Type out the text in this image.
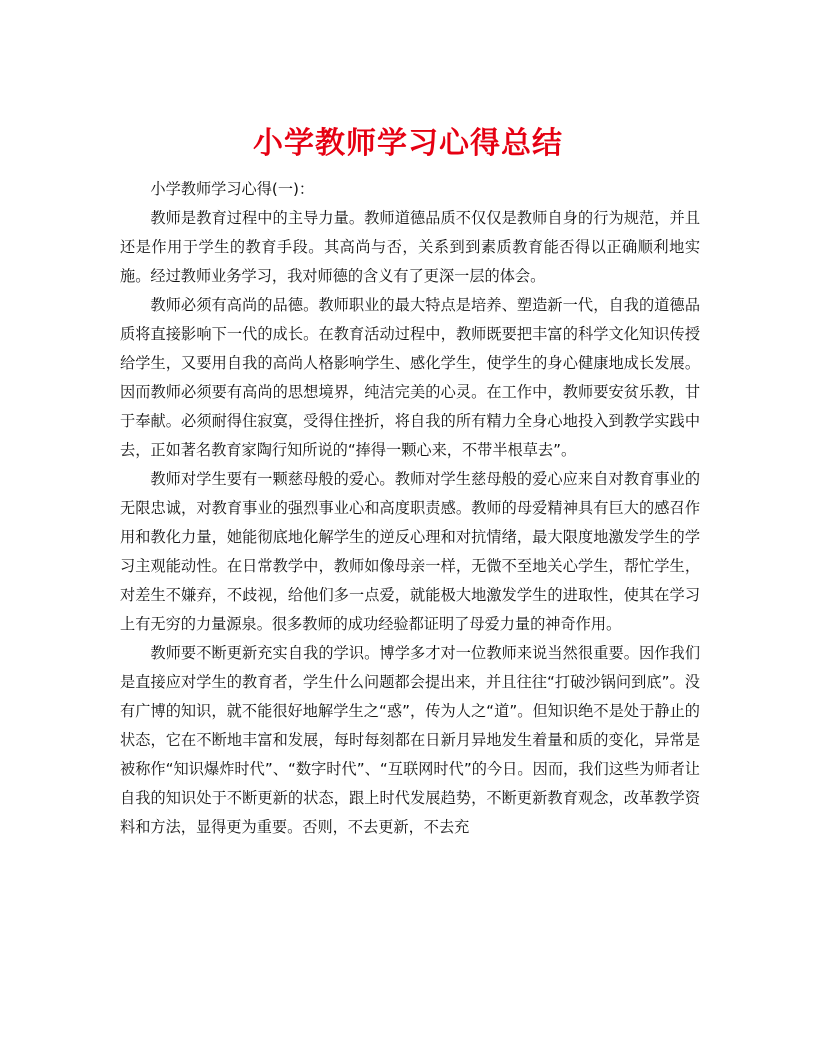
小学教师学习心得总结

小学教师学习心得(一)：

教师是教育过程中的主导力量。教师道德品质不仅仅是教师自身的行为规范，并且还是作用于学生的教育手段。其高尚与否，关系到到素质教育能否得以正确顺利地实施。经过教师业务学习，我对师德的含义有了更深一层的体会。

教师必须有高尚的品德。教师职业的最大特点是培养、塑造新一代，自我的道德品质将直接影响下一代的成长。在教育活动过程中，教师既要把丰富的科学文化知识传授给学生，又要用自我的高尚人格影响学生、感化学生，使学生的身心健康地成长发展。因而教师必须要有高尚的思想境界，纯洁完美的心灵。在工作中，教师要安贫乐教，甘于奉献。必须耐得住寂寞，受得住挫折，将自我的所有精力全身心地投入到教学实践中去，正如著名教育家陶行知所说的“捧得一颗心来，不带半根草去”。

教师对学生要有一颗慈母般的爱心。教师对学生慈母般的爱心应来自对教育事业的无限忠诚，对教育事业的强烈事业心和高度职责感。教师的母爱精神具有巨大的感召作用和教化力量，她能彻底地化解学生的逆反心理和对抗情绪，最大限度地激发学生的学习主观能动性。在日常教学中，教师如像母亲一样，无微不至地关心学生，帮忙学生，对差生不嫌弃，不歧视，给他们多一点爱，就能极大地激发学生的进取性，使其在学习上有无穷的力量源泉。很多教师的成功经验都证明了母爱力量的神奇作用。

教师要不断更新充实自我的学识。博学多才对一位教师来说当然很重要。因作我们是直接应对学生的教育者，学生什么问题都会提出来，并且往往“打破沙锅问到底”。没有广博的知识，就不能很好地解学生之“惑”，传为人之“道”。但知识绝不是处于静止的状态，它在不断地丰富和发展，每时每刻都在日新月异地发生着量和质的变化，异常是被称作“知识爆炸时代”、“数字时代”、“互联网时代”的今日。因而，我们这些为师者让自我的知识处于不断更新的状态，跟上时代发展趋势，不断更新教育观念，改革教学资料和方法，显得更为重要。否则，不去更新，不去充
